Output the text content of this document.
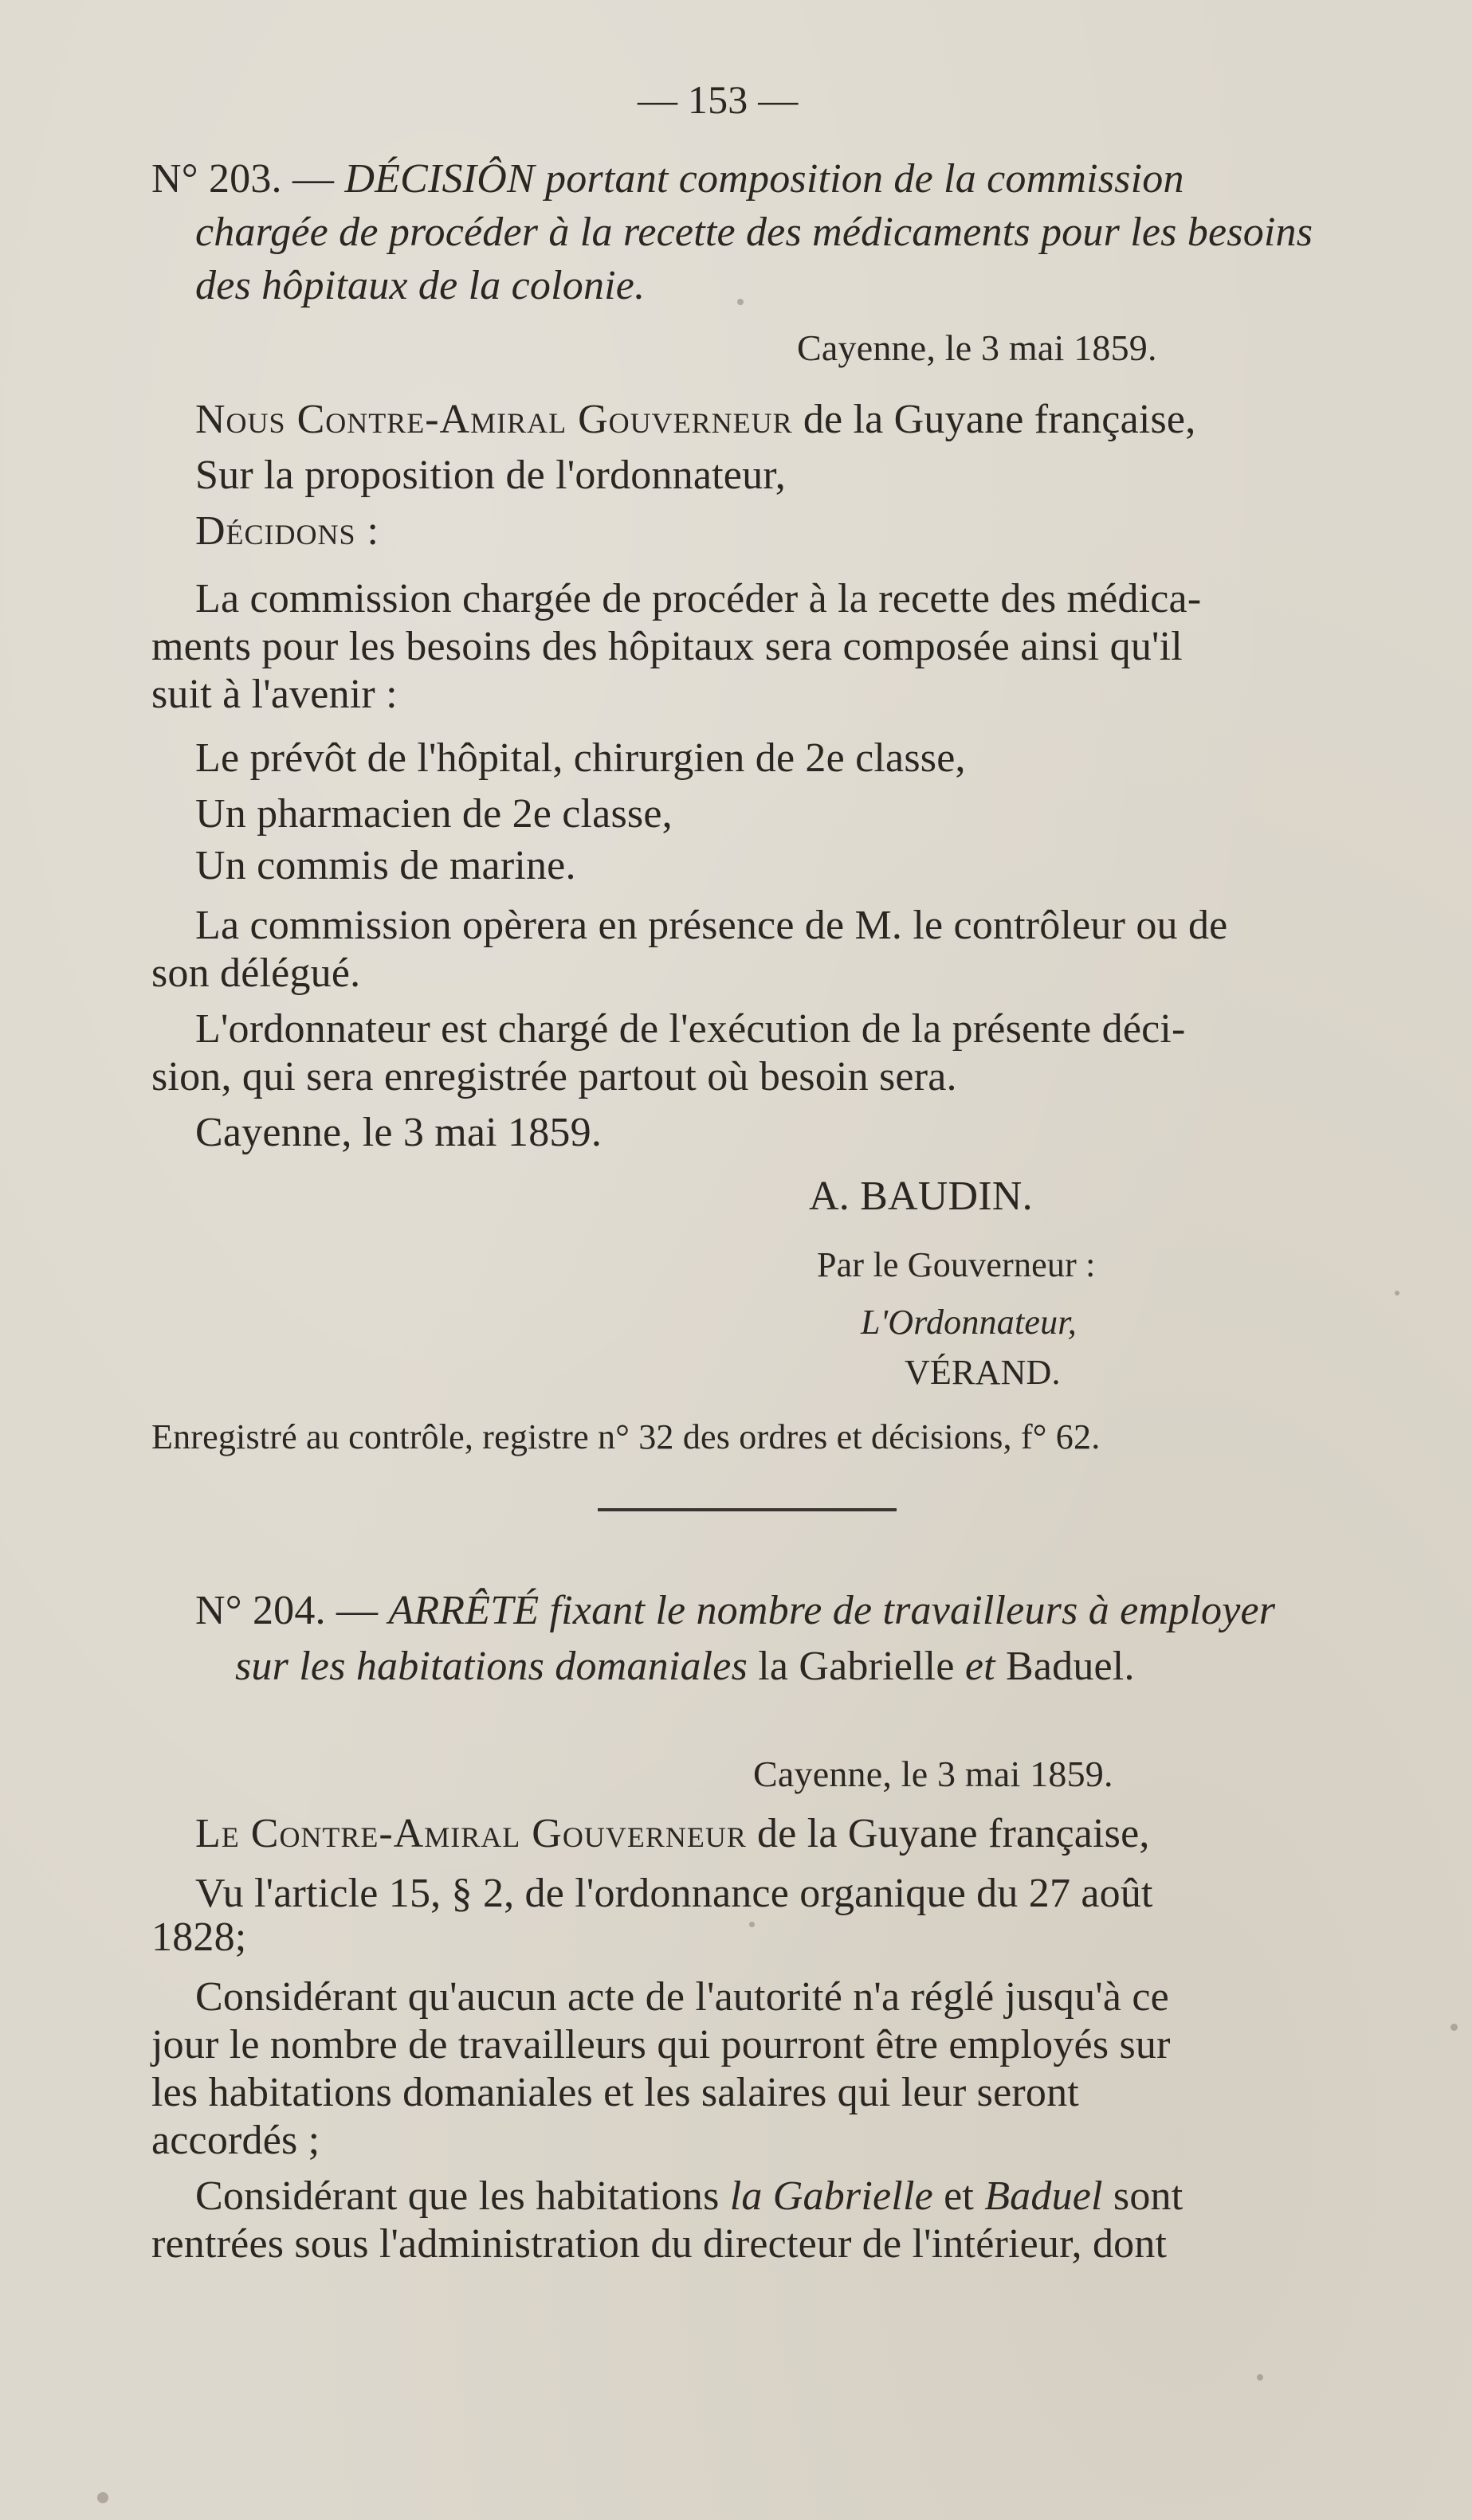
— 153 —
N° 203. — DÉCISIÔN portant composition de la commission
chargée de procéder à la recette des médicaments pour les besoins
des hôpitaux de la colonie.
Cayenne, le 3 mai 1859.
Nous Contre-Amiral Gouverneur de la Guyane française,
Sur la proposition de l'ordonnateur,
Décidons :
La commission chargée de procéder à la recette des médica-
ments pour les besoins des hôpitaux sera composée ainsi qu'il
suit à l'avenir :
Le prévôt de l'hôpital, chirurgien de 2e classe,
Un pharmacien de 2e classe,
Un commis de marine.
La commission opèrera en présence de M. le contrôleur ou de
son délégué.
L'ordonnateur est chargé de l'exécution de la présente déci-
sion, qui sera enregistrée partout où besoin sera.
Cayenne, le 3 mai 1859.
A. BAUDIN.
Par le Gouverneur :
L'Ordonnateur,
VÉRAND.
Enregistré au contrôle, registre n° 32 des ordres et décisions, f° 62.
N° 204. — ARRÊTÉ fixant le nombre de travailleurs à employer
sur les habitations domaniales la Gabrielle et Baduel.
Cayenne, le 3 mai 1859.
Le Contre-Amiral Gouverneur de la Guyane française,
Vu l'article 15, § 2, de l'ordonnance organique du 27 août
1828;
Considérant qu'aucun acte de l'autorité n'a réglé jusqu'à ce
jour le nombre de travailleurs qui pourront être employés sur
les habitations domaniales et les salaires qui leur seront
accordés ;
Considérant que les habitations la Gabrielle et Baduel sont
rentrées sous l'administration du directeur de l'intérieur, dont
